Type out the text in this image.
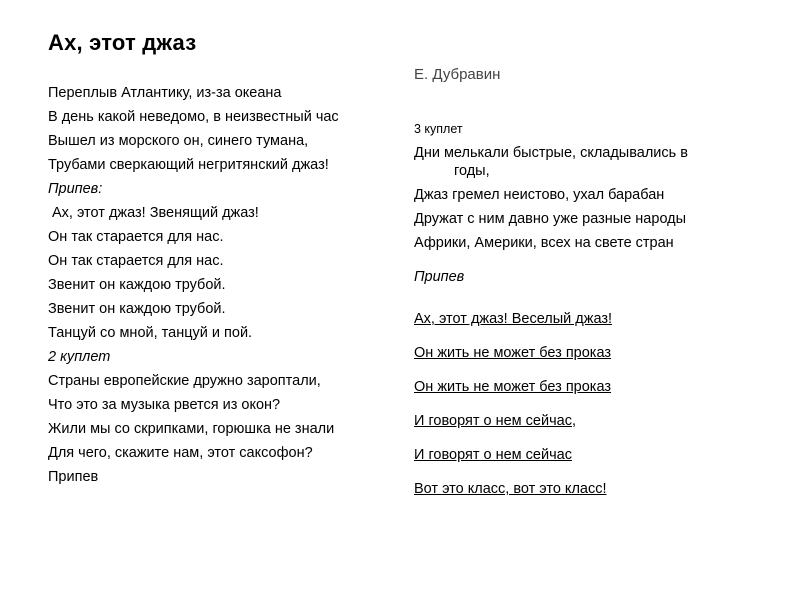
Ах, этот джаз
Е. Дубравин

Переплыв Атлантику, из-за океана

В день какой неведомо, в неизвестный час

Вышел из морского он, синего тумана,

Трубами сверкающий негритянский джаз!

Припев:

Ах, этот джаз! Звенящий джаз!

Он так старается для нас.

Он так старается для нас.

Звенит он каждою трубой.

Звенит он каждою трубой.

Танцуй со мной, танцуй и пой.

2 куплет

Страны европейские дружно зароптали,

Что это за музыка рвется из окон?

Жили мы со скрипками, горюшка не знали

Для чего, скажите нам, этот саксофон?

Припев

3 куплет

Дни мелькали быстрые, складывались в годы,

Джаз гремел неистово, ухал барабан

Дружат с ним давно уже разные народы

Африки, Америки, всех на свете стран

Припев

Ах, этот джаз! Веселый джаз!

Он жить не может без проказ

Он жить не может без проказ

И говорят о нем сейчас,

И говорят о нем сейчас

Вот это класс, вот это класс!
